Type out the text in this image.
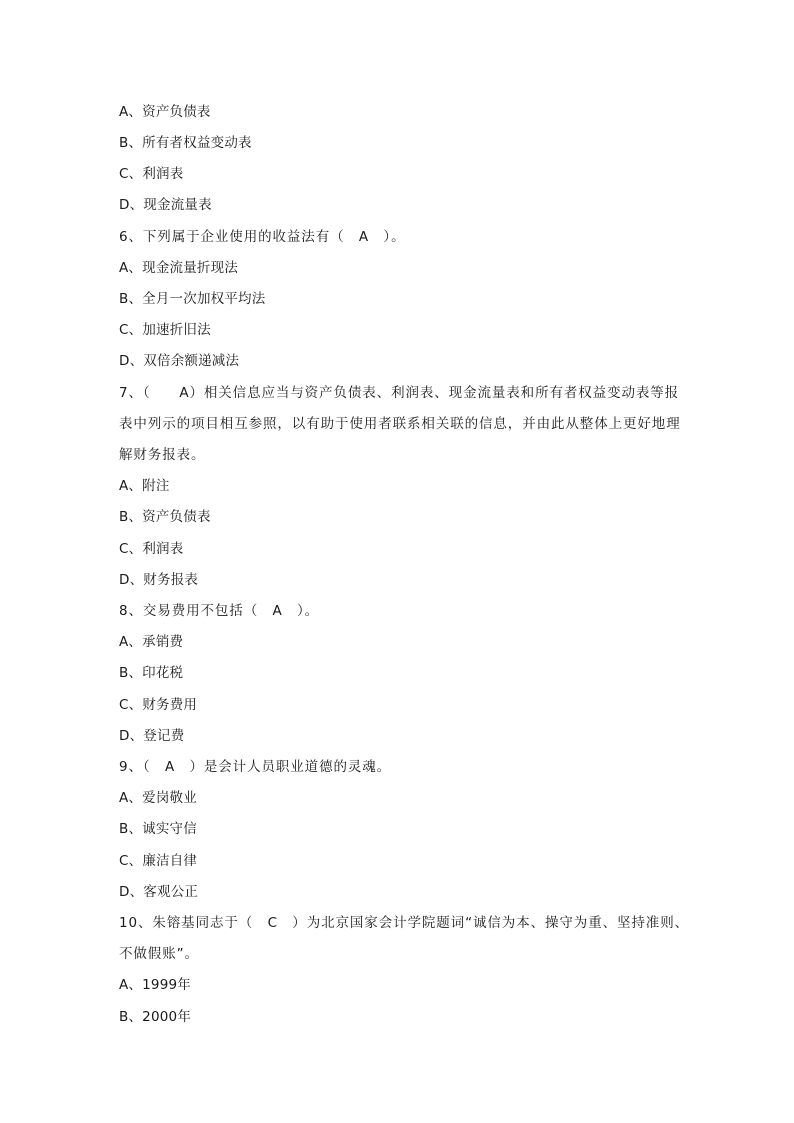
A、资产负债表
B、所有者权益变动表
C、利润表
D、现金流量表
6、下列属于企业使用的收益法有（　A　）。
A、现金流量折现法
B、全月一次加权平均法
C、加速折旧法
D、双倍余额递减法
7、（　　A）相关信息应当与资产负债表、利润表、现金流量表和所有者权益变动表等报
表中列示的项目相互参照，以有助于使用者联系相关联的信息，并由此从整体上更好地理
解财务报表。
A、附注
B、资产负债表
C、利润表
D、财务报表
8、交易费用不包括（　A　）。
A、承销费
B、印花税
C、财务费用
D、登记费
9、（　A　）是会计人员职业道德的灵魂。
A、爱岗敬业
B、诚实守信
C、廉洁自律
D、客观公正
10、朱镕基同志于（　C　）为北京国家会计学院题词“诚信为本、操守为重、坚持准则、
不做假账”。
A、1999年
B、2000年
